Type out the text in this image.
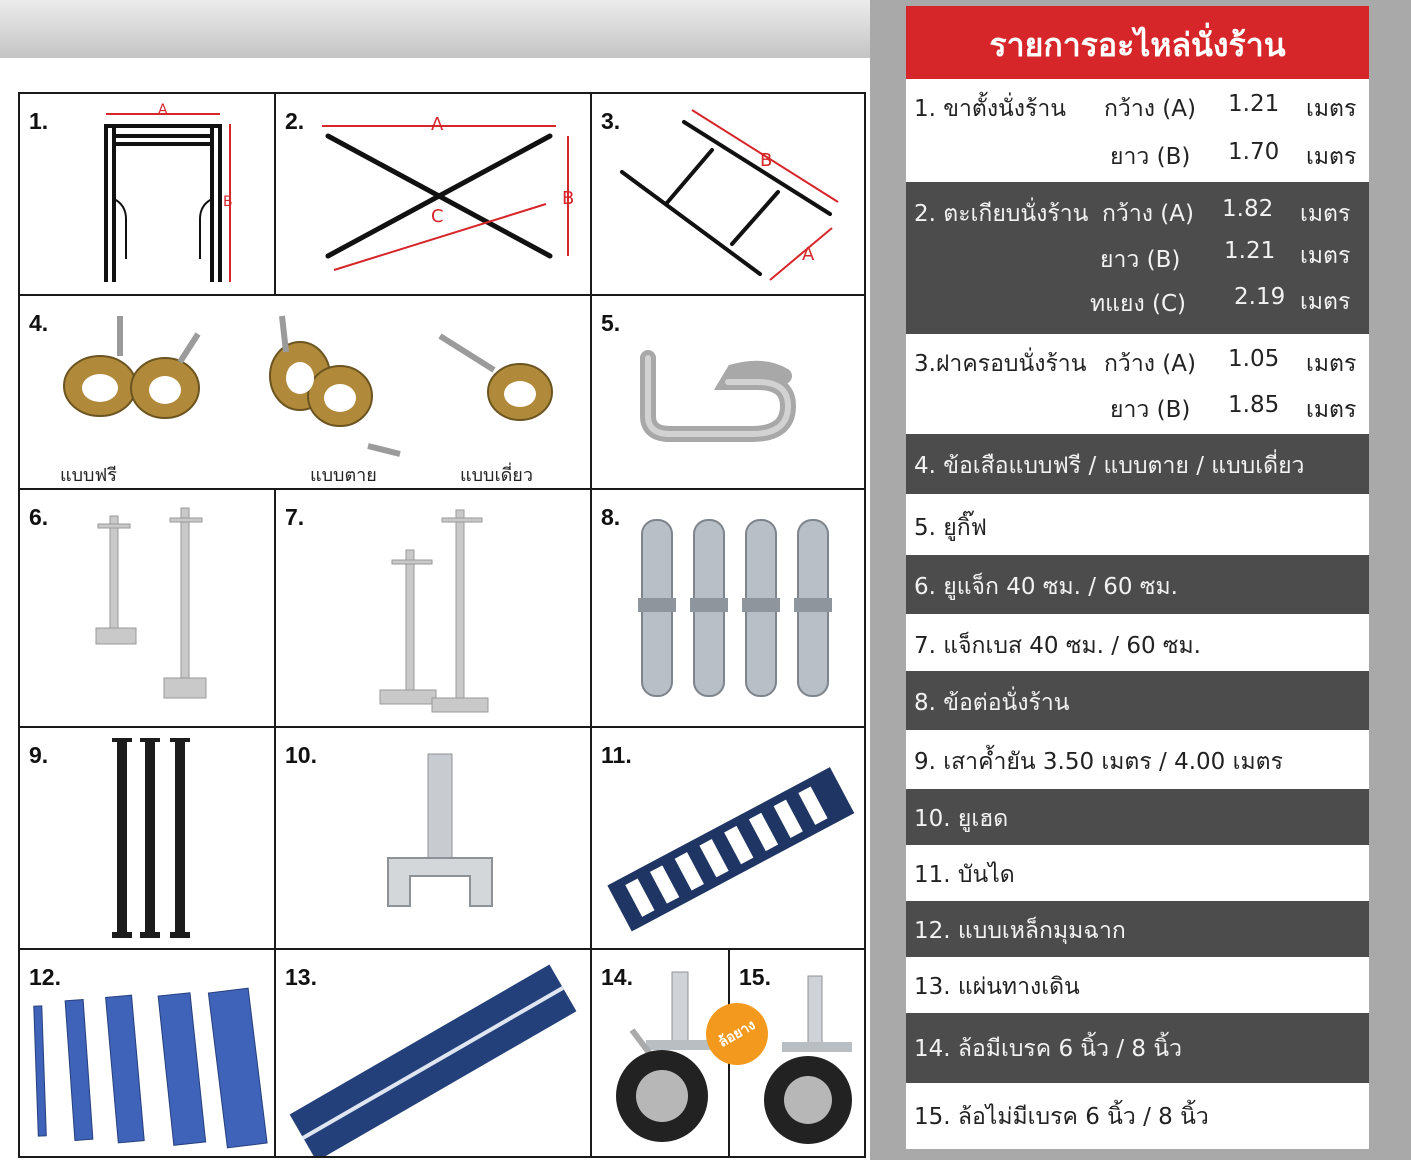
1.	A
B
2.	A
B
C
3.
B
A
4.
แบบฟรี	แบบตาย	แบบเดี่ยว
5.
6.	7.	8.
9.	10.	11.
12.	13.	14.	15.
ล้อยาง
รายการอะไหล่นั่งร้าน
1. ขาตั้งนั่งร้าน กว้าง (A) 1.21 เมตร
ยาว (B) 1.70 เมตร
2. ตะเกียบนั่งร้าน กว้าง (A) 1.82 เมตร
ยาว (B) 1.21 เมตร
ทแยง (C) 2.19 เมตร
3.ฝาครอบนั่งร้าน กว้าง (A) 1.05 เมตร
ยาว (B) 1.85 เมตร
4. ข้อเสือแบบฟรี / แบบตาย / แบบเดี่ยว
5. ยูกิ๊ฟ
6. ยูแจ็ก 40 ซม. / 60 ซม.
7. แจ็กเบส 40 ซม. / 60 ซม.
8. ข้อต่อนั่งร้าน
9. เสาค้ำยัน 3.50 เมตร / 4.00 เมตร
10. ยูเฮด
11. บันได
12. แบบเหล็กมุมฉาก
13. แผ่นทางเดิน
14. ล้อมีเบรค 6 นิ้ว / 8 นิ้ว
15. ล้อไม่มีเบรค 6 นิ้ว / 8 นิ้ว
